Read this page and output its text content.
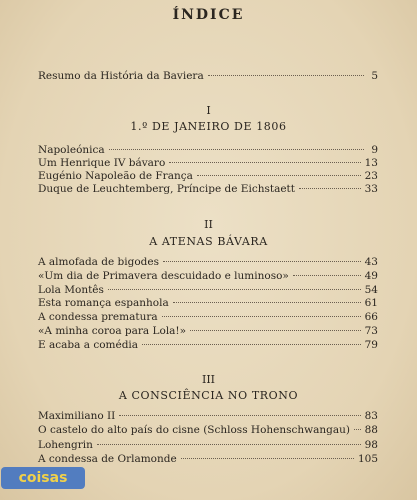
ÍNDICE
Resumo da História da Baviera	5
I
1.º DE JANEIRO DE 1806
Napoleónica	9
Um Henrique IV bávaro	13
Eugénio Napoleão de França	23
Duque de Leuchtemberg, Príncipe de Eichstaett	33
II
A ATENAS BÁVARA
A almofada de bigodes	43
«Um dia de Primavera descuidado e luminoso»	49
Lola Montês	54
Esta romança espanhola	61
A condessa prematura	66
«A minha coroa para Lola!»	73
E acaba a comédia	79
III
A CONSCIÊNCIA NO TRONO
Maximiliano II	83
O castelo do alto país do cisne (Schloss Hohenschwangau) 88
Lohengrin	98
A condessa de Orlamonde	105
coisas
